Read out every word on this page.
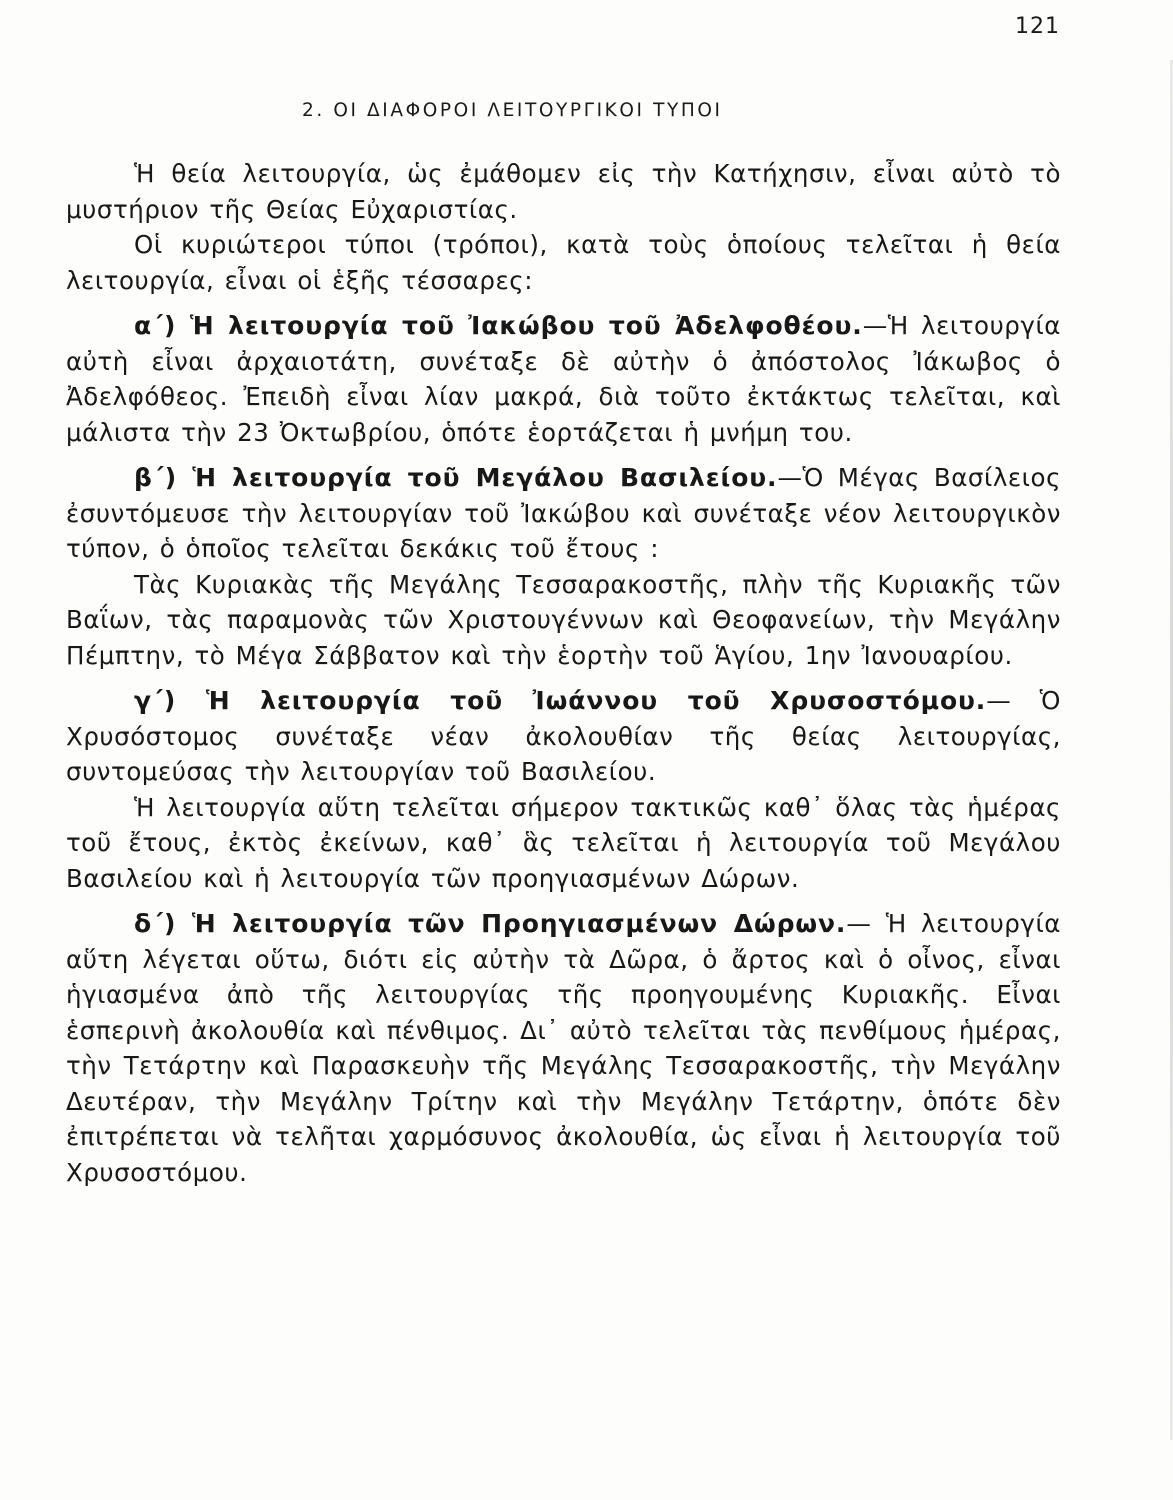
121
2. ΟΙ ΔΙΑΦΟΡΟΙ ΛΕΙΤΟΥΡΓΙΚΟΙ ΤΥΠΟΙ

Ἡ θεία λειτουργία, ὡς ἐμάθομεν εἰς τὴν Κατήχησιν, εἶναι αὐτὸ τὸ μυστήριον τῆς Θείας Εὐχαριστίας.

Οἱ κυριώτεροι τύποι (τρόποι), κατὰ τοὺς ὁποίους τελεῖται ἡ θεία λειτουργία, εἶναι οἱ ἑξῆς τέσσαρες:

α΄) Ἡ λειτουργία τοῦ Ἰακώβου τοῦ Ἀδελφοθέου.—Ἡ λειτουργία αὐτὴ εἶναι ἀρχαιοτάτη, συνέταξε δὲ αὐτὴν ὁ ἀπόστολος Ἰάκωβος ὁ Ἀδελφόθεος. Ἐπειδὴ εἶναι λίαν μακρά, διὰ τοῦτο ἐκτάκτως τελεῖται, καὶ μάλιστα τὴν 23 Ὀκτωβρίου, ὁπότε ἑορτάζεται ἡ μνήμη του.

β΄) Ἡ λειτουργία τοῦ Μεγάλου Βασιλείου.—Ὁ Μέγας Βασίλειος ἐσυντόμευσε τὴν λειτουργίαν τοῦ Ἰακώβου καὶ συνέταξε νέον λειτουργικὸν τύπον, ὁ ὁποῖος τελεῖται δεκάκις τοῦ ἔτους :

Τὰς Κυριακὰς τῆς Μεγάλης Τεσσαρακοστῆς, πλὴν τῆς Κυριακῆς τῶν Βαΐων, τὰς παραμονὰς τῶν Χριστουγέννων καὶ Θεοφανείων, τὴν Μεγάλην Πέμπτην, τὸ Μέγα Σάββατον καὶ τὴν ἑορτὴν τοῦ Ἁγίου, 1ην Ἰανουαρίου.

γ΄) Ἡ λειτουργία τοῦ Ἰωάννου τοῦ Χρυσοστόμου.— Ὁ Χρυσόστομος συνέταξε νέαν ἀκολουθίαν τῆς θείας λειτουργίας, συντομεύσας τὴν λειτουργίαν τοῦ Βασιλείου.

Ἡ λειτουργία αὕτη τελεῖται σήμερον τακτικῶς καθ᾿ ὅλας τὰς ἡμέρας τοῦ ἔτους, ἐκτὸς ἐκείνων, καθ᾿ ἃς τελεῖται ἡ λειτουργία τοῦ Μεγάλου Βασιλείου καὶ ἡ λειτουργία τῶν προηγιασμένων Δώρων.

δ΄) Ἡ λειτουργία τῶν Προηγιασμένων Δώρων.— Ἡ λειτουργία αὕτη λέγεται οὕτω, διότι εἰς αὐτὴν τὰ Δῶρα, ὁ ἄρτος καὶ ὁ οἶνος, εἶναι ἡγιασμένα ἀπὸ τῆς λειτουργίας τῆς προηγουμένης Κυριακῆς. Εἶναι ἑσπερινὴ ἀκολουθία καὶ πένθιμος. Δι᾿ αὐτὸ τελεῖται τὰς πενθίμους ἡμέρας, τὴν Τετάρτην καὶ Παρασκευὴν τῆς Μεγάλης Τεσσαρακοστῆς, τὴν Μεγάλην Δευτέραν, τὴν Μεγάλην Τρίτην καὶ τὴν Μεγάλην Τετάρτην, ὁπότε δὲν ἐπιτρέπεται νὰ τελῆται χαρμόσυνος ἀκολουθία, ὡς εἶναι ἡ λειτουργία τοῦ Χρυσοστόμου.
